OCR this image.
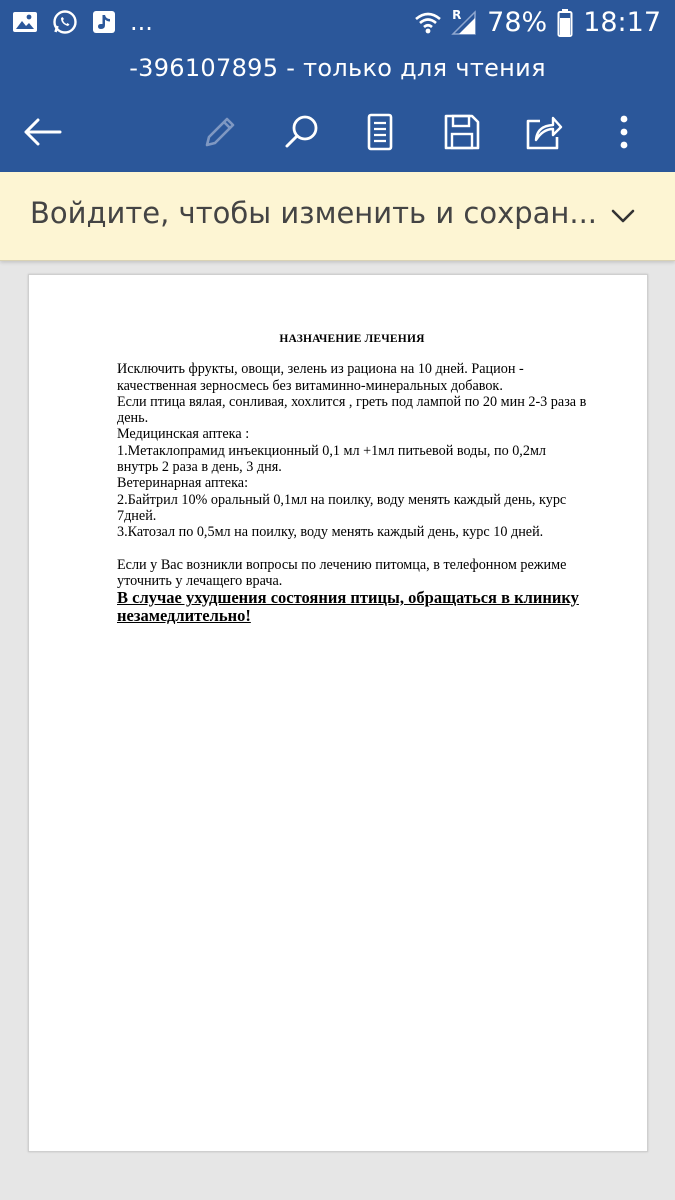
...	R 78% 18:17
-396107895 - только для чтения
Войдите, чтобы изменить и сохран...
НАЗНАЧЕНИЕ ЛЕЧЕНИЯ

Исключить фрукты, овощи, зелень из рациона на 10 дней. Рацион - качественная зерносмесь без витаминно-минеральных добавок.

Если птица вялая, сонливая, хохлится , греть под лампой по 20 мин 2-3 раза в день.

Медицинская аптека :

1.Метаклопрамид инъекционный 0,1 мл +1мл питьевой воды, по 0,2мл внутрь 2 раза в день, 3 дня.

Ветеринарная аптека:

2.Байтрил 10% оральный 0,1мл на поилку, воду менять каждый день, курс 7дней.

3.Катозал по 0,5мл на поилку, воду менять каждый день, курс 10 дней.

Если у Вас возникли вопросы по лечению питомца, в телефонном режиме уточнить у лечащего врача.

В случае ухудшения состояния птицы, обращаться в клинику незамедлительно!
